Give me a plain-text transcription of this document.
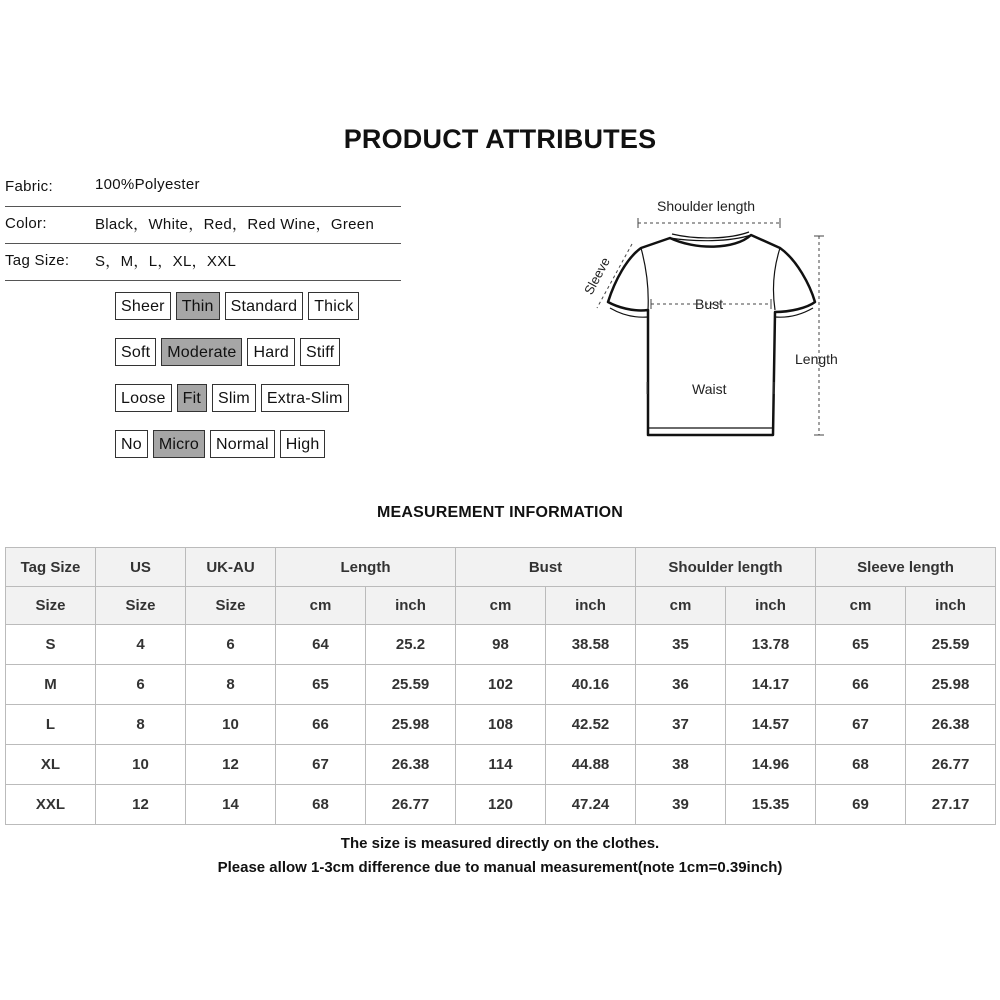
PRODUCT ATTRIBUTES
Fabric:	100%Polyester
Color:	Black，White，Red，Red Wine，Green
Tag Size: S，M，L，XL，XXL
Sheer	Thin	Standard	Thick
Soft	Moderate	Hard	Stiff
Loose	Fit	Slim	Extra-Slim
No	Micro	Normal	High
Shoulder length
Sleeve
Bust
Length
Waist
MEASUREMENT INFORMATION
Tag Size	US	UK-AU	Length		Bust		Shoulder length		Sleeve length	
Size	Size	Size	cm	inch	cm	inch	cm	inch	cm	inch
S	4	6	64	25.2	98	38.58	35	13.78	65	25.59
M	6	8	65	25.59	102	40.16	36	14.17	66	25.98
L	8	10	66	25.98	108	42.52	37	14.57	67	26.38
XL	10	12	67	26.38	114	44.88	38	14.96	68	26.77
XXL	12	14	68	26.77	120	47.24	39	15.35	69	27.17
The size is measured directly on the clothes.
Please allow 1-3cm difference due to manual measurement(note 1cm=0.39inch)
